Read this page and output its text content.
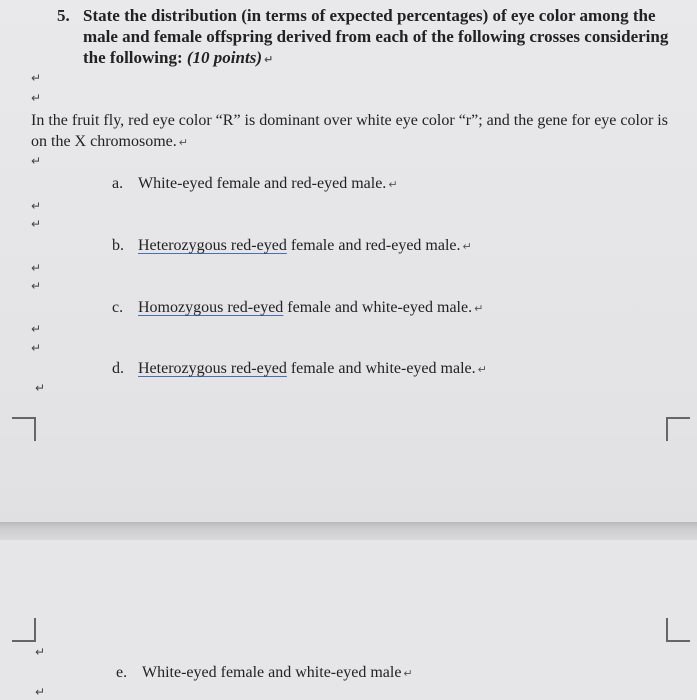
5. State the distribution (in terms of expected percentages) of eye color among the male and female offspring derived from each of the following crosses considering the following: (10 points) ↵
↵
↵
In the fruit fly, red eye color “R” is dominant over white eye color “r”; and the gene for eye color is on the X chromosome. ↵
↵
a. White-eyed female and red-eyed male. ↵
↵
↵
b. Heterozygous red-eyed female and red-eyed male. ↵
↵
↵
c. Homozygous red-eyed female and white-eyed male. ↵
↵
↵
d. Heterozygous red-eyed female and white-eyed male. ↵
↵
↵
e. White-eyed female and white-eyed male ↵
↵
